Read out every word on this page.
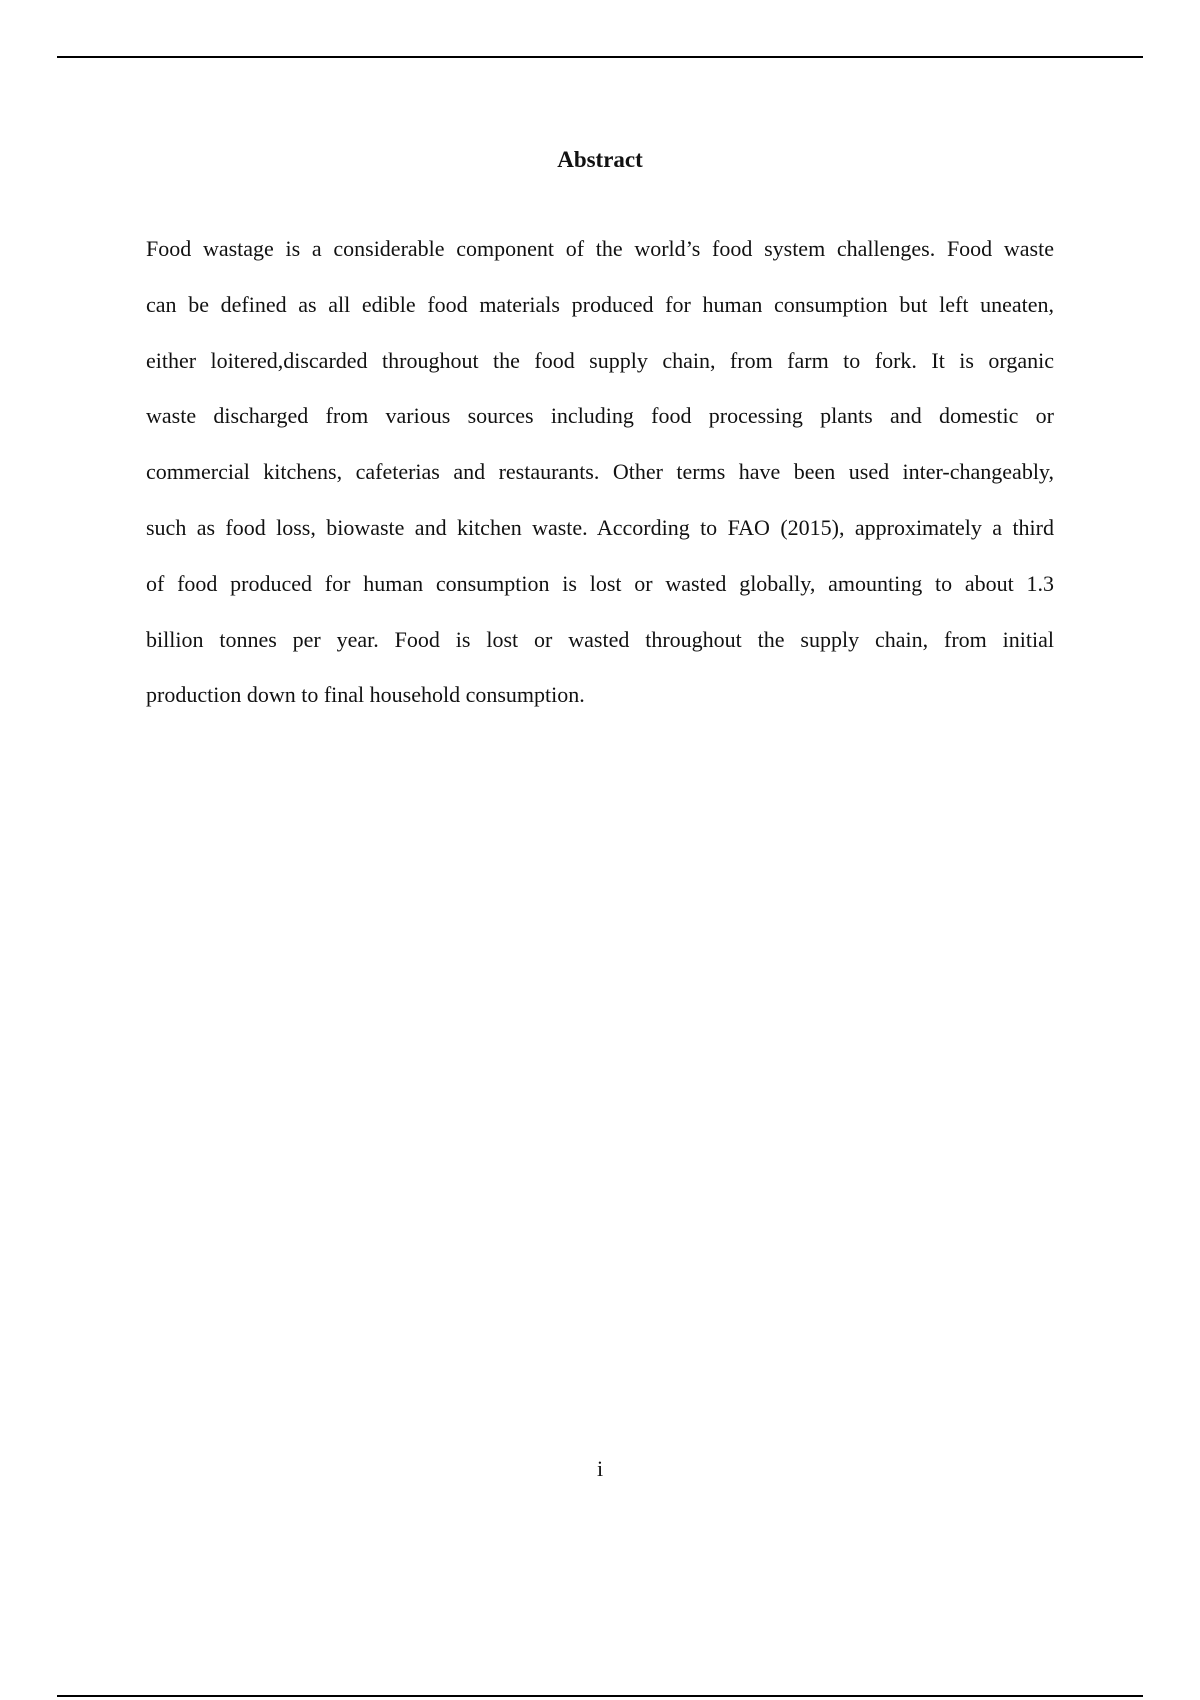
Abstract

Food wastage is a considerable component of the world’s food system challenges. Food waste
can be defined as all edible food materials produced for human consumption but left uneaten,
either loitered,discarded throughout the food supply chain, from farm to fork. It is organic
waste discharged from various sources including food processing plants and domestic or
commercial kitchens, cafeterias and restaurants. Other terms have been used inter-changeably,
such as food loss, biowaste and kitchen waste. According to FAO (2015), approximately a third
of food produced for human consumption is lost or wasted globally, amounting to about 1.3
billion tonnes per year. Food is lost or wasted throughout the supply chain, from initial
production down to final household consumption.

i
